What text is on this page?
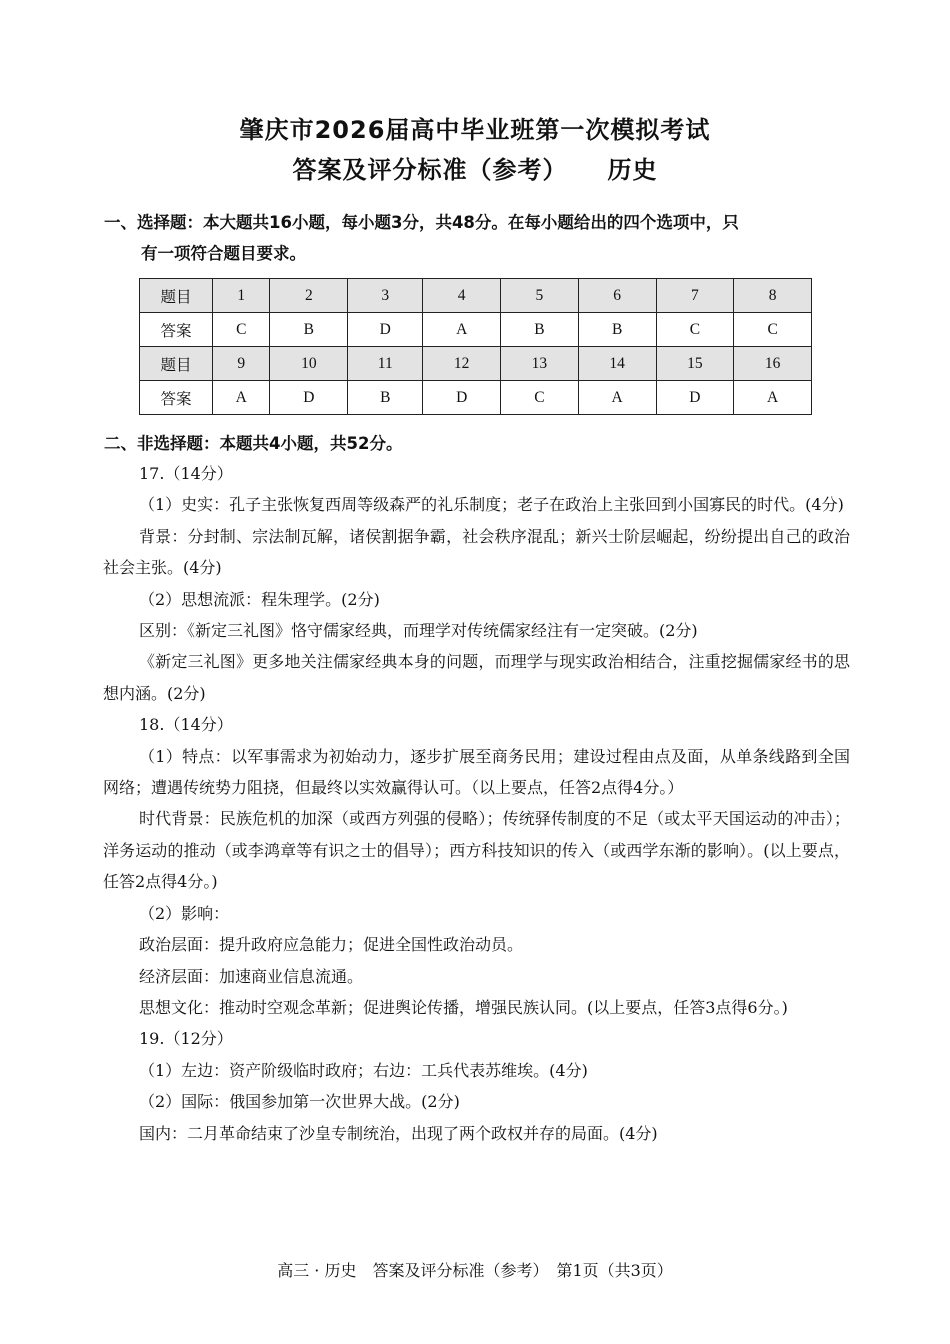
肇庆市2026届高中毕业班第一次模拟考试
答案及评分标准（参考） 历史
一、选择题：本大题共16小题，每小题3分，共48分。在每小题给出的四个选项中，只
有一项符合题目要求。
题目	1	2	3	4	5	6	7	8
答案	C	B	D	A	B	B	C	C
题目	9	10	11	12	13	14	15	16
答案	A	D	B	D	C	A	D	A
二、非选择题：本题共4小题，共52分。

17.（14分）

（1）史实：孔子主张恢复西周等级森严的礼乐制度；老子在政治上主张回到小国寡民的时代。(4分)

背景：分封制、宗法制瓦解，诸侯割据争霸，社会秩序混乱；新兴士阶层崛起，纷纷提出自己的政治社会主张。(4分)

（2）思想流派：程朱理学。(2分)

区别：《新定三礼图》恪守儒家经典，而理学对传统儒家经注有一定突破。(2分)

《新定三礼图》更多地关注儒家经典本身的问题，而理学与现实政治相结合，注重挖掘儒家经书的思想内涵。(2分)

18.（14分）

（1）特点：以军事需求为初始动力，逐步扩展至商务民用；建设过程由点及面，从单条线路到全国网络；遭遇传统势力阻挠，但最终以实效赢得认可。（以上要点，任答2点得4分。）

时代背景：民族危机的加深（或西方列强的侵略）；传统驿传制度的不足（或太平天国运动的冲击）；洋务运动的推动（或李鸿章等有识之士的倡导）；西方科技知识的传入（或西学东渐的影响）。(以上要点，任答2点得4分。)

（2）影响：

政治层面：提升政府应急能力；促进全国性政治动员。

经济层面：加速商业信息流通。

思想文化：推动时空观念革新；促进舆论传播，增强民族认同。(以上要点，任答3点得6分。)

19.（12分）

（1）左边：资产阶级临时政府；右边：工兵代表苏维埃。(4分)

（2）国际：俄国参加第一次世界大战。(2分)

国内：二月革命结束了沙皇专制统治，出现了两个政权并存的局面。(4分)

高三 · 历史　答案及评分标准（参考）　第1页（共3页）
